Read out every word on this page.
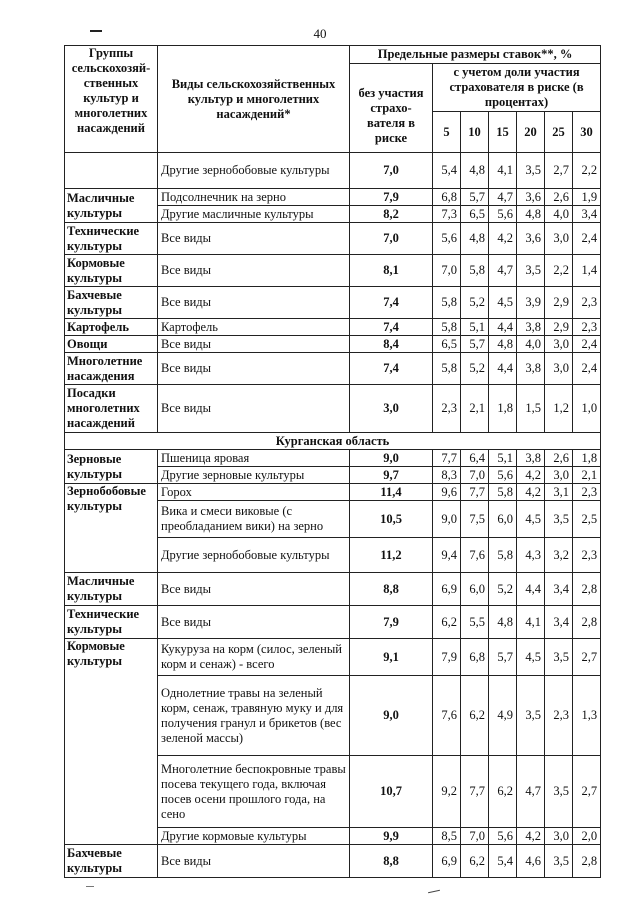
40
Группы сельскохозяй-ственных культур и многолетних насаждений	Виды сельскохозяйственных культур и многолетних насаждений*	Предельные размеры ставок**, %						
		без участия страхо-вателя в риске	с учетом доли участия страхователя в риске (в процентах)					
			5	10	15	20	25	30
	Другие зернобобовые культуры	7,0	5,4	4,8	4,1	3,5	2,7	2,2
Масличные культуры	Подсолнечник на зерно	7,9	6,8	5,7	4,7	3,6	2,6	1,9
	Другие масличные культуры	8,2	7,3	6,5	5,6	4,8	4,0	3,4
Технические культуры	Все виды	7,0	5,6	4,8	4,2	3,6	3,0	2,4
Кормовые культуры	Все виды	8,1	7,0	5,8	4,7	3,5	2,2	1,4
Бахчевые культуры	Все виды	7,4	5,8	5,2	4,5	3,9	2,9	2,3
Картофель	Картофель	7,4	5,8	5,1	4,4	3,8	2,9	2,3
Овощи	Все виды	8,4	6,5	5,7	4,8	4,0	3,0	2,4
Многолетние насаждения	Все виды	7,4	5,8	5,2	4,4	3,8	3,0	2,4
Посадки многолетних насаждений	Все виды	3,0	2,3	2,1	1,8	1,5	1,2	1,0
Курганская область								
Зерновые культуры	Пшеница яровая	9,0	7,7	6,4	5,1	3,8	2,6	1,8
	Другие зерновые культуры	9,7	8,3	7,0	5,6	4,2	3,0	2,1
Зернобобовые культуры	Горох	11,4	9,6	7,7	5,8	4,2	3,1	2,3
	Вика и смеси виковые (с преобладанием вики) на зерно	10,5	9,0	7,5	6,0	4,5	3,5	2,5
	Другие зернобобовые культуры	11,2	9,4	7,6	5,8	4,3	3,2	2,3
Масличные культуры	Все виды	8,8	6,9	6,0	5,2	4,4	3,4	2,8
Технические культуры	Все виды	7,9	6,2	5,5	4,8	4,1	3,4	2,8
Кормовые культуры	Кукуруза на корм (силос, зеленый корм и сенаж) - всего	9,1	7,9	6,8	5,7	4,5	3,5	2,7
	Однолетние травы на зеленый корм, сенаж, травяную муку и для получения гранул и брикетов (вес зеленой массы)	9,0	7,6	6,2	4,9	3,5	2,3	1,3
	Многолетние беспокровные травы посева текущего года, включая посев осени прошлого года, на сено	10,7	9,2	7,7	6,2	4,7	3,5	2,7
	Другие кормовые культуры	9,9	8,5	7,0	5,6	4,2	3,0	2,0
Бахчевые культуры	Все виды	8,8	6,9	6,2	5,4	4,6	3,5	2,8
